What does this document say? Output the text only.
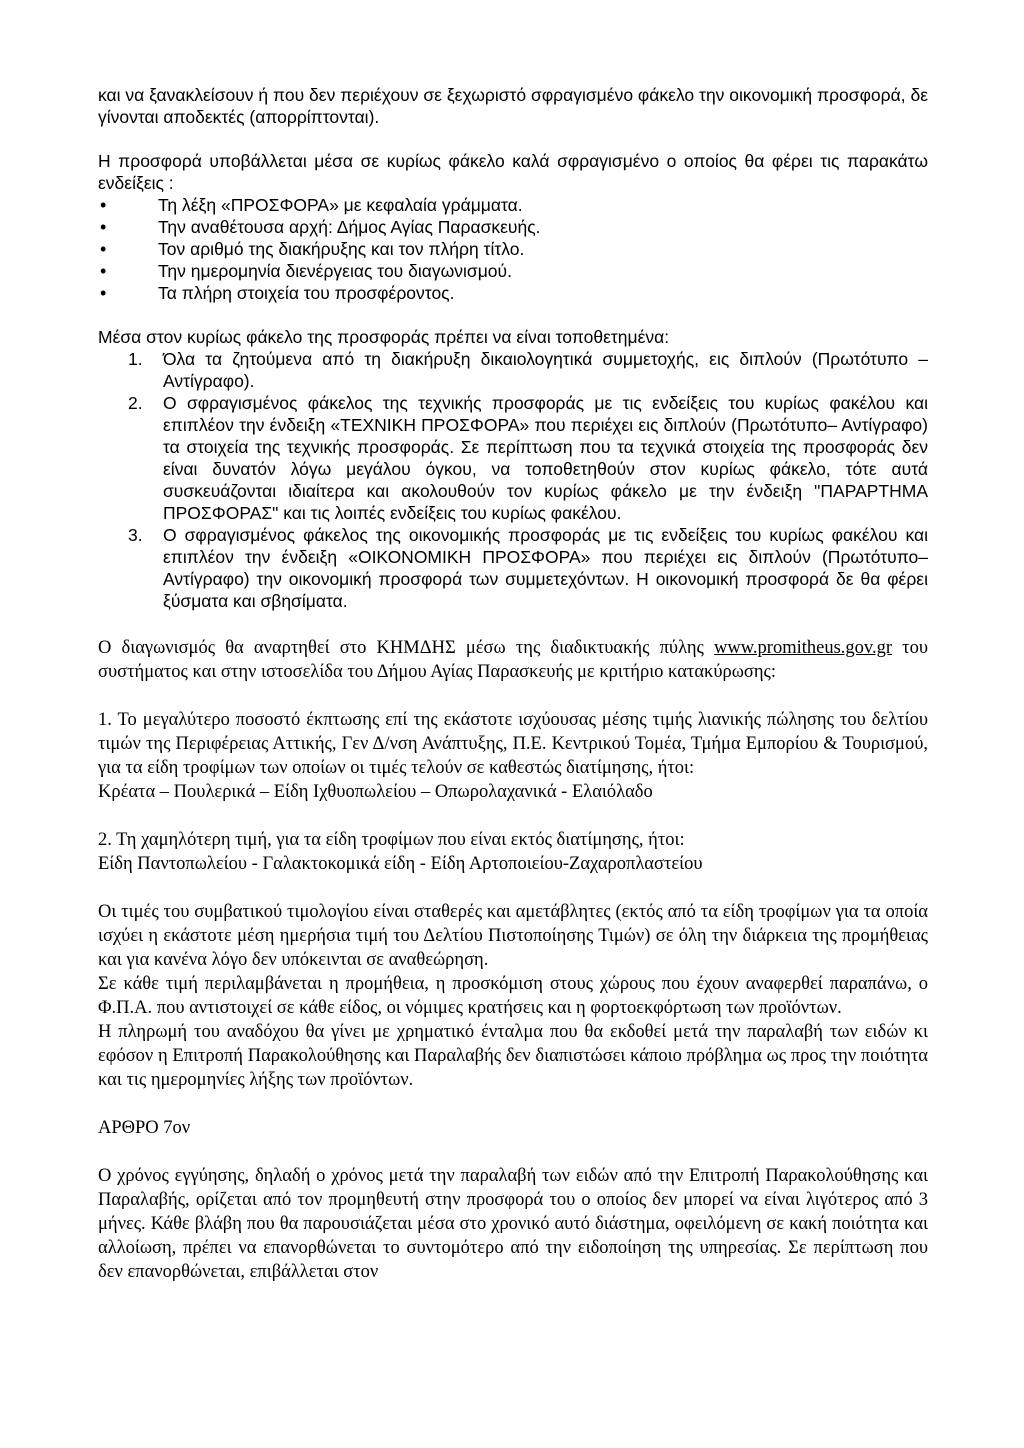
και να ξανακλείσουν ή που δεν περιέχουν σε ξεχωριστό σφραγισμένο φάκελο την οικονομική προσφορά, δε γίνονται αποδεκτές (απορρίπτονται).

Η προσφορά υποβάλλεται μέσα σε κυρίως φάκελο καλά σφραγισμένο ο οποίος θα φέρει τις παρακάτω ενδείξεις :

• Τη λέξη «ΠΡΟΣΦΟΡΑ» με κεφαλαία γράμματα.
• Την αναθέτουσα αρχή: Δήμος Αγίας Παρασκευής.
• Τον αριθμό της διακήρυξης και τον πλήρη τίτλο.
• Την ημερομηνία διενέργειας του διαγωνισμού.
• Τα πλήρη στοιχεία του προσφέροντος.

Μέσα στον κυρίως φάκελο της προσφοράς πρέπει να είναι τοποθετημένα:

1. Όλα τα ζητούμενα από τη διακήρυξη δικαιολογητικά συμμετοχής, εις διπλούν (Πρωτότυπο – Αντίγραφο).
2. Ο σφραγισμένος φάκελος της τεχνικής προσφοράς με τις ενδείξεις του κυρίως φακέλου και επιπλέον την ένδειξη «ΤΕΧΝΙΚΗ ΠΡΟΣΦΟΡΑ» που περιέχει εις διπλούν (Πρωτότυπο– Αντίγραφο) τα στοιχεία της τεχνικής προσφοράς. Σε περίπτωση που τα τεχνικά στοιχεία της προσφοράς δεν είναι δυνατόν λόγω μεγάλου όγκου, να τοποθετηθούν στον κυρίως φάκελο, τότε αυτά συσκευάζονται ιδιαίτερα και ακολουθούν τον κυρίως φάκελο με την ένδειξη "ΠΑΡΑΡΤΗΜΑ ΠΡΟΣΦΟΡΑΣ" και τις λοιπές ενδείξεις του κυρίως φακέλου.
3. Ο σφραγισμένος φάκελος της οικονομικής προσφοράς με τις ενδείξεις του κυρίως φακέλου και επιπλέον την ένδειξη «ΟΙΚΟΝΟΜΙΚΗ ΠΡΟΣΦΟΡΑ» που περιέχει εις διπλούν (Πρωτότυπο– Αντίγραφο) την οικονομική προσφορά των συμμετεχόντων. Η οικονομική προσφορά δε θα φέρει ξύσματα και σβησίματα.

Ο διαγωνισμός θα αναρτηθεί στο ΚΗΜΔΗΣ μέσω της διαδικτυακής πύλης www.promitheus.gov.gr του συστήματος και στην ιστοσελίδα του Δήμου Αγίας Παρασκευής με κριτήριο κατακύρωσης:

1. Το μεγαλύτερο ποσοστό έκπτωσης επί της εκάστοτε ισχύουσας μέσης τιμής λιανικής πώλησης του δελτίου τιμών της Περιφέρειας Αττικής, Γεν Δ/νση Ανάπτυξης, Π.Ε. Κεντρικού Τομέα, Τμήμα Εμπορίου & Τουρισμού, για τα είδη τροφίμων των οποίων οι τιμές τελούν σε καθεστώς διατίμησης, ήτοι:

Κρέατα – Πουλερικά – Είδη Ιχθυοπωλείου – Οπωρολαχανικά - Ελαιόλαδο

2. Τη χαμηλότερη τιμή, για τα είδη τροφίμων που είναι εκτός διατίμησης, ήτοι:

Είδη Παντοπωλείου - Γαλακτοκομικά είδη - Είδη Αρτοποιείου-Ζαχαροπλαστείου

Οι τιμές του συμβατικού τιμολογίου είναι σταθερές και αμετάβλητες (εκτός από τα είδη τροφίμων για τα οποία ισχύει η εκάστοτε μέση ημερήσια τιμή του Δελτίου Πιστοποίησης Τιμών) σε όλη την διάρκεια της προμήθειας και για κανένα λόγο δεν υπόκεινται σε αναθεώρηση.

Σε κάθε τιμή περιλαμβάνεται η προμήθεια, η προσκόμιση στους χώρους που έχουν αναφερθεί παραπάνω, ο Φ.Π.Α. που αντιστοιχεί σε κάθε είδος, οι νόμιμες κρατήσεις και η φορτοεκφόρτωση των προϊόντων.

Η πληρωμή του αναδόχου θα γίνει με χρηματικό ένταλμα που θα εκδοθεί μετά την παραλαβή των ειδών κι εφόσον η Επιτροπή Παρακολούθησης και Παραλαβής δεν διαπιστώσει κάποιο πρόβλημα ως προς την ποιότητα και τις ημερομηνίες λήξης των προϊόντων.

ΑΡΘΡΟ 7ον

Ο χρόνος εγγύησης, δηλαδή ο χρόνος μετά την παραλαβή των ειδών από την Επιτροπή Παρακολούθησης και Παραλαβής, ορίζεται από τον προμηθευτή στην προσφορά του ο οποίος δεν μπορεί να είναι λιγότερος από 3 μήνες. Κάθε βλάβη που θα παρουσιάζεται μέσα στο χρονικό αυτό διάστημα, οφειλόμενη σε κακή ποιότητα και αλλοίωση, πρέπει να επανορθώνεται το συντομότερο από την ειδοποίηση της υπηρεσίας. Σε περίπτωση που δεν επανορθώνεται, επιβάλλεται στον
